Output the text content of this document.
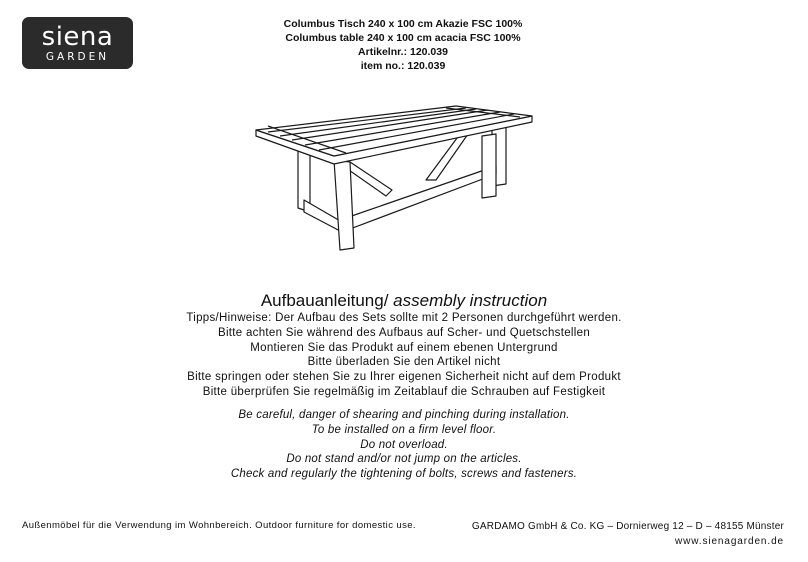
siena
GARDEN
Columbus Tisch 240 x 100 cm Akazie FSC 100%
Columbus table 240 x 100 cm acacia FSC 100%
Artikelnr.: 120.039
item no.: 120.039
Aufbauanleitung/ assembly instruction
Tipps/Hinweise: Der Aufbau des Sets sollte mit 2 Personen durchgeführt werden.
Bitte achten Sie während des Aufbaus auf Scher- und Quetschstellen
Montieren Sie das Produkt auf einem ebenen Untergrund
Bitte überladen Sie den Artikel nicht
Bitte springen oder stehen Sie zu Ihrer eigenen Sicherheit nicht auf dem Produkt
Bitte überprüfen Sie regelmäßig im Zeitablauf die Schrauben auf Festigkeit
Be careful, danger of shearing and pinching during installation.
To be installed on a firm level floor.
Do not overload.
Do not stand and/or not jump on the articles.
Check and regularly the tightening of bolts, screws and fasteners.
Außenmöbel für die Verwendung im Wohnbereich. Outdoor furniture for domestic use.	GARDAMO GmbH & Co. KG – Dornierweg 12 – D – 48155 Münster
www.sienagarden.de
